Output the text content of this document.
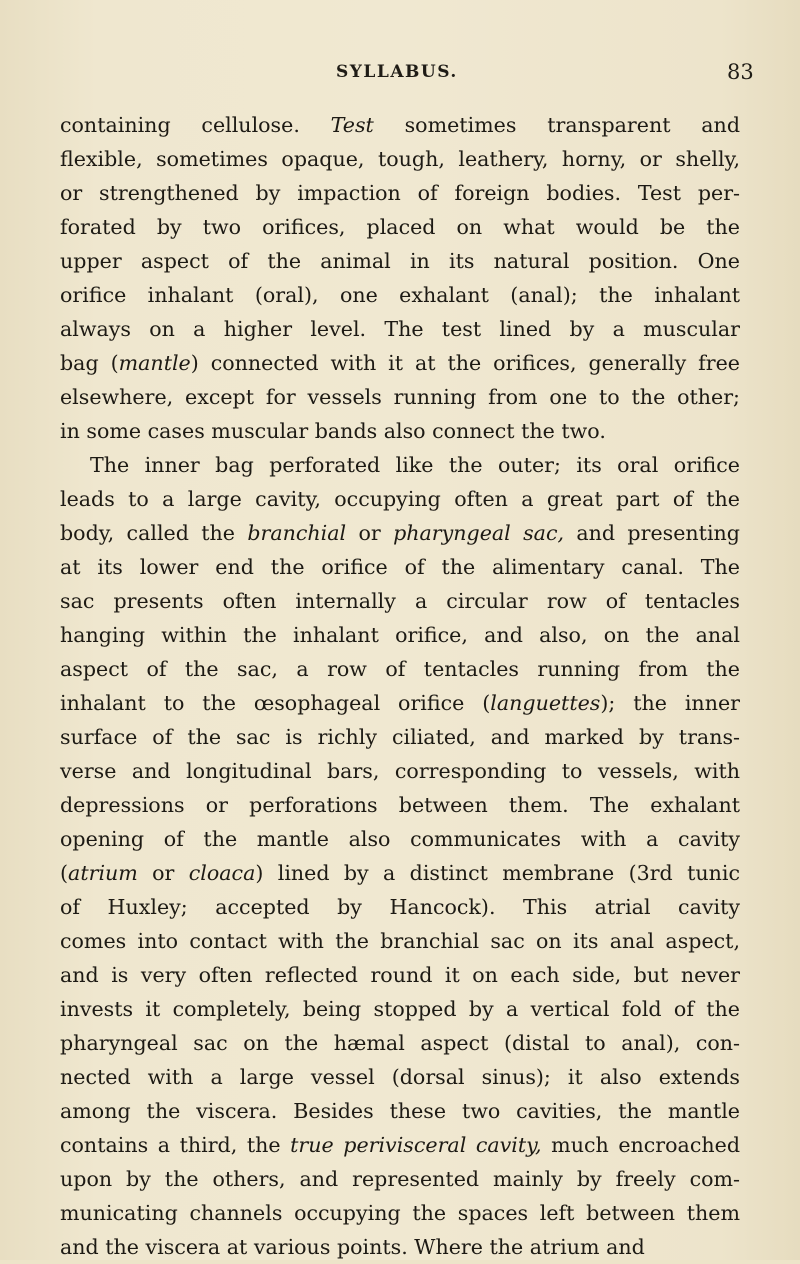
SYLLABUS.	83
containing cellulose. Test sometimes transparent and
flexible, sometimes opaque, tough, leathery, horny, or shelly,
or strengthened by impaction of foreign bodies. Test per-
forated by two orifices, placed on what would be the
upper aspect of the animal in its natural position. One
orifice inhalant (oral), one exhalant (anal); the inhalant
always on a higher level. The test lined by a muscular
bag (mantle) connected with it at the orifices, generally free
elsewhere, except for vessels running from one to the other;
in some cases muscular bands also connect the two.
The inner bag perforated like the outer; its oral orifice
leads to a large cavity, occupying often a great part of the
body, called the branchial or pharyngeal sac, and presenting
at its lower end the orifice of the alimentary canal. The
sac presents often internally a circular row of tentacles
hanging within the inhalant orifice, and also, on the anal
aspect of the sac, a row of tentacles running from the
inhalant to the œsophageal orifice (languettes); the inner
surface of the sac is richly ciliated, and marked by trans-
verse and longitudinal bars, corresponding to vessels, with
depressions or perforations between them. The exhalant
opening of the mantle also communicates with a cavity
(atrium or cloaca) lined by a distinct membrane (3rd tunic
of Huxley; accepted by Hancock). This atrial cavity
comes into contact with the branchial sac on its anal aspect,
and is very often reflected round it on each side, but never
invests it completely, being stopped by a vertical fold of the
pharyngeal sac on the hæmal aspect (distal to anal), con-
nected with a large vessel (dorsal sinus); it also extends
among the viscera. Besides these two cavities, the mantle
contains a third, the true perivisceral cavity, much encroached
upon by the others, and represented mainly by freely com-
municating channels occupying the spaces left between them
and the viscera at various points. Where the atrium and
